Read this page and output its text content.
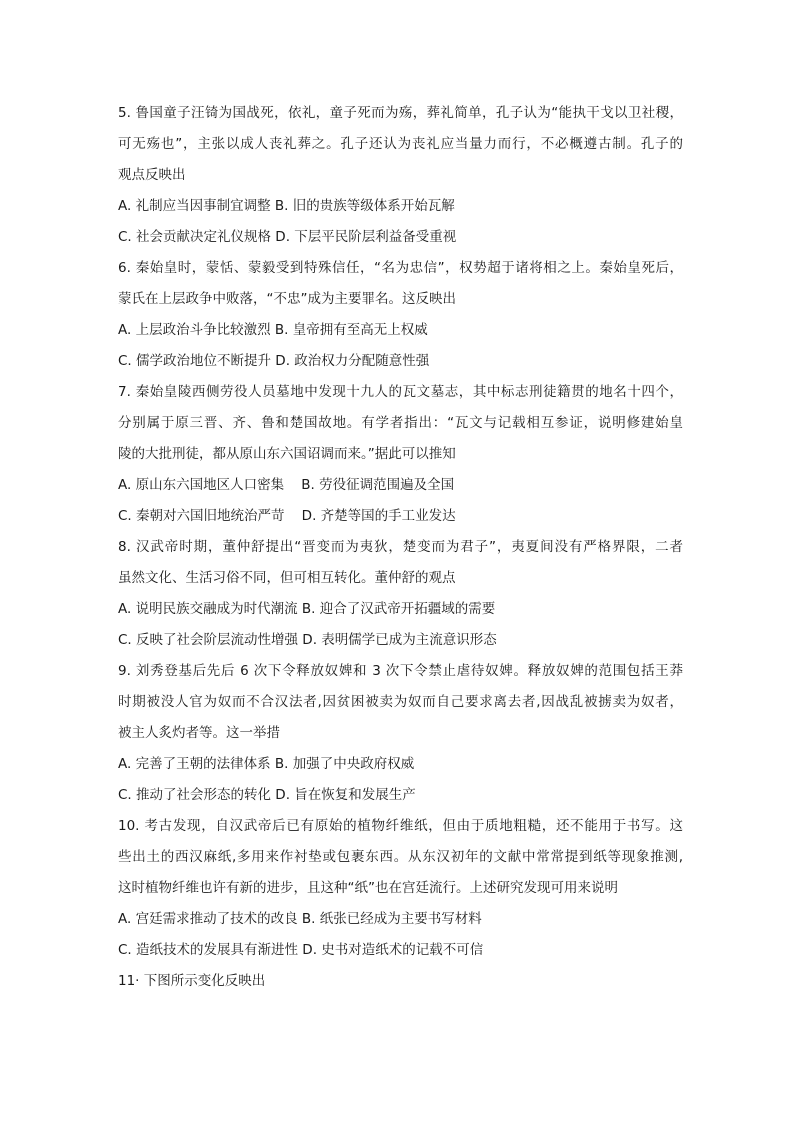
5. 鲁国童子汪锜为国战死，依礼，童子死而为殇，葬礼简单，孔子认为“能执干戈以卫社稷，
可无殇也”，主张以成人丧礼葬之。孔子还认为丧礼应当量力而行，不必概遵古制。孔子的
观点反映出
A. 礼制应当因事制宜调整 B. 旧的贵族等级体系开始瓦解
C. 社会贡献决定礼仪规格 D. 下层平民阶层利益备受重视
6. 秦始皇时，蒙恬、蒙毅受到特殊信任，“名为忠信”，权势超于诸将相之上。秦始皇死后，
蒙氏在上层政争中败落，“不忠”成为主要罪名。这反映出
A. 上层政治斗争比较激烈 B. 皇帝拥有至高无上权威
C. 儒学政治地位不断提升 D. 政治权力分配随意性强
7. 秦始皇陵西侧劳役人员墓地中发现十九人的瓦文墓志，其中标志刑徒籍贯的地名十四个，
分别属于原三晋、齐、鲁和楚国故地。有学者指出：“瓦文与记载相互参证，说明修建始皇
陵的大批刑徒，都从原山东六国诏调而来。”据此可以推知
A. 原山东六国地区人口密集    B. 劳役征调范围遍及全国
C. 秦朝对六国旧地统治严苛    D. 齐楚等国的手工业发达
8. 汉武帝时期，董仲舒提出“晋变而为夷狄，楚变而为君子”，夷夏间没有严格界限，二者
虽然文化、生活习俗不同，但可相互转化。董仲舒的观点
A. 说明民族交融成为时代潮流 B. 迎合了汉武帝开拓疆域的需要
C. 反映了社会阶层流动性增强 D. 表明儒学已成为主流意识形态
9. 刘秀登基后先后 6 次下令释放奴婢和 3 次下令禁止虐待奴婢。释放奴婢的范围包括王莽
时期被没人官为奴而不合汉法者,因贫困被卖为奴而自己要求离去者,因战乱被掳卖为奴者，
被主人炙灼者等。这一举措
A. 完善了王朝的法律体系 B. 加强了中央政府权威
C. 推动了社会形态的转化 D. 旨在恢复和发展生产
10. 考古发现，自汉武帝后已有原始的植物纤维纸，但由于质地粗糙，还不能用于书写。这
些出土的西汉麻纸,多用来作衬垫或包裹东西。从东汉初年的文献中常常提到纸等现象推测,
这时植物纤维也许有新的进步，且这种“纸”也在宫廷流行。上述研究发现可用来说明
A. 宫廷需求推动了技术的改良 B. 纸张已经成为主要书写材料
C. 造纸技术的发展具有渐进性 D. 史书对造纸术的记载不可信
11· 下图所示变化反映出
